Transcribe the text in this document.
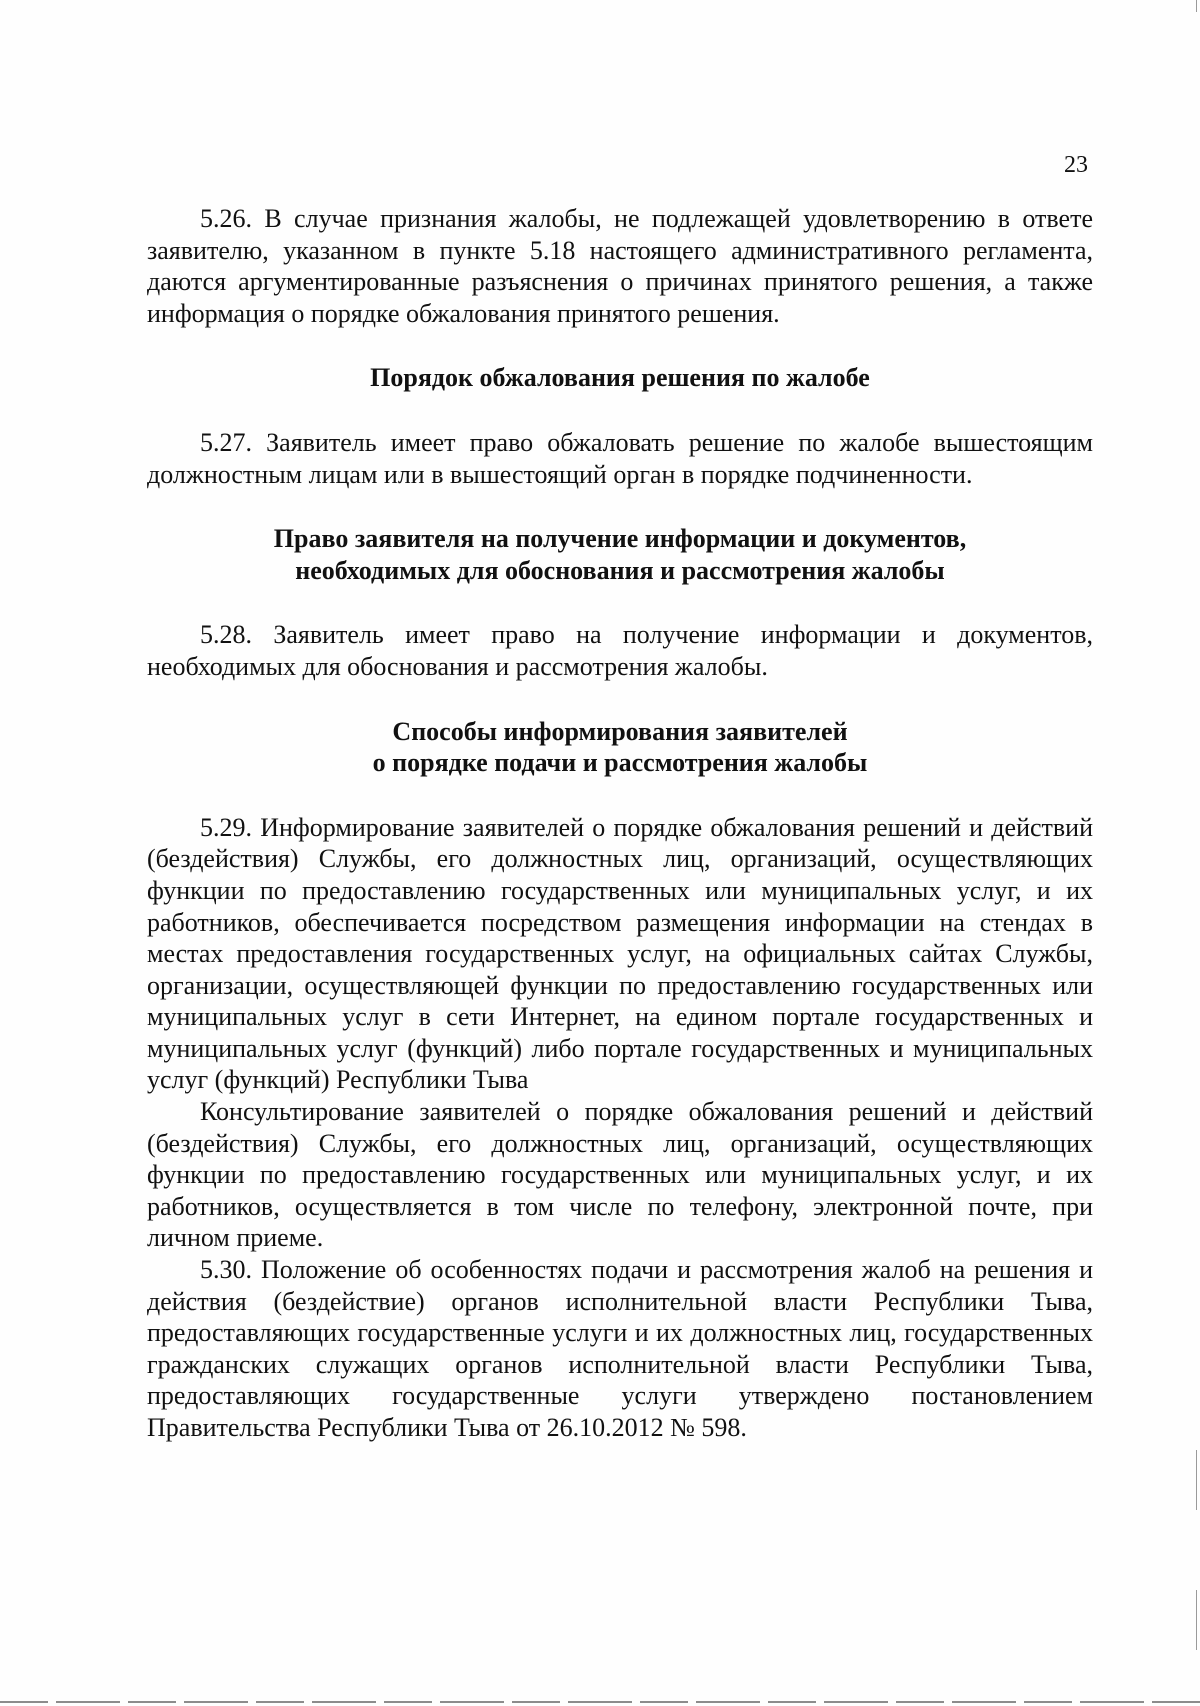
23

5.26. В случае признания жалобы, не подлежащей удовлетворению в ответе заявителю, указанном в пункте 5.18 настоящего административного регламента, даются аргументированные разъяснения о причинах принятого решения, а также информация о порядке обжалования принятого решения.

Порядок обжалования решения по жалобе

5.27. Заявитель имеет право обжаловать решение по жалобе вышестоящим должностным лицам или в вышестоящий орган в порядке подчиненности.

Право заявителя на получение информации и документов,
необходимых для обоснования и рассмотрения жалобы

5.28. Заявитель имеет право на получение информации и документов, необходимых для обоснования и рассмотрения жалобы.

Способы информирования заявителей
о порядке подачи и рассмотрения жалобы

5.29. Информирование заявителей о порядке обжалования решений и действий (бездействия) Службы, его должностных лиц, организаций, осуществляющих функции по предоставлению государственных или муниципальных услуг, и их работников, обеспечивается посредством размещения информации на стендах в местах предоставления государственных услуг, на официальных сайтах Службы, организации, осуществляющей функции по предоставлению государственных или муниципальных услуг в сети Интернет, на едином портале государственных и муниципальных услуг (функций) либо портале государственных и муниципальных услуг (функций) Республики Тыва

Консультирование заявителей о порядке обжалования решений и действий (бездействия) Службы, его должностных лиц, организаций, осуществляющих функции по предоставлению государственных или муниципальных услуг, и их работников, осуществляется в том числе по телефону, электронной почте, при личном приеме.

5.30. Положение об особенностях подачи и рассмотрения жалоб на решения и действия (бездействие) органов исполнительной власти Республики Тыва, предоставляющих государственные услуги и их должностных лиц, государственных гражданских служащих органов исполнительной власти Республики Тыва, предоставляющих государственные услуги утверждено постановлением Правительства Республики Тыва от 26.10.2012 № 598.
